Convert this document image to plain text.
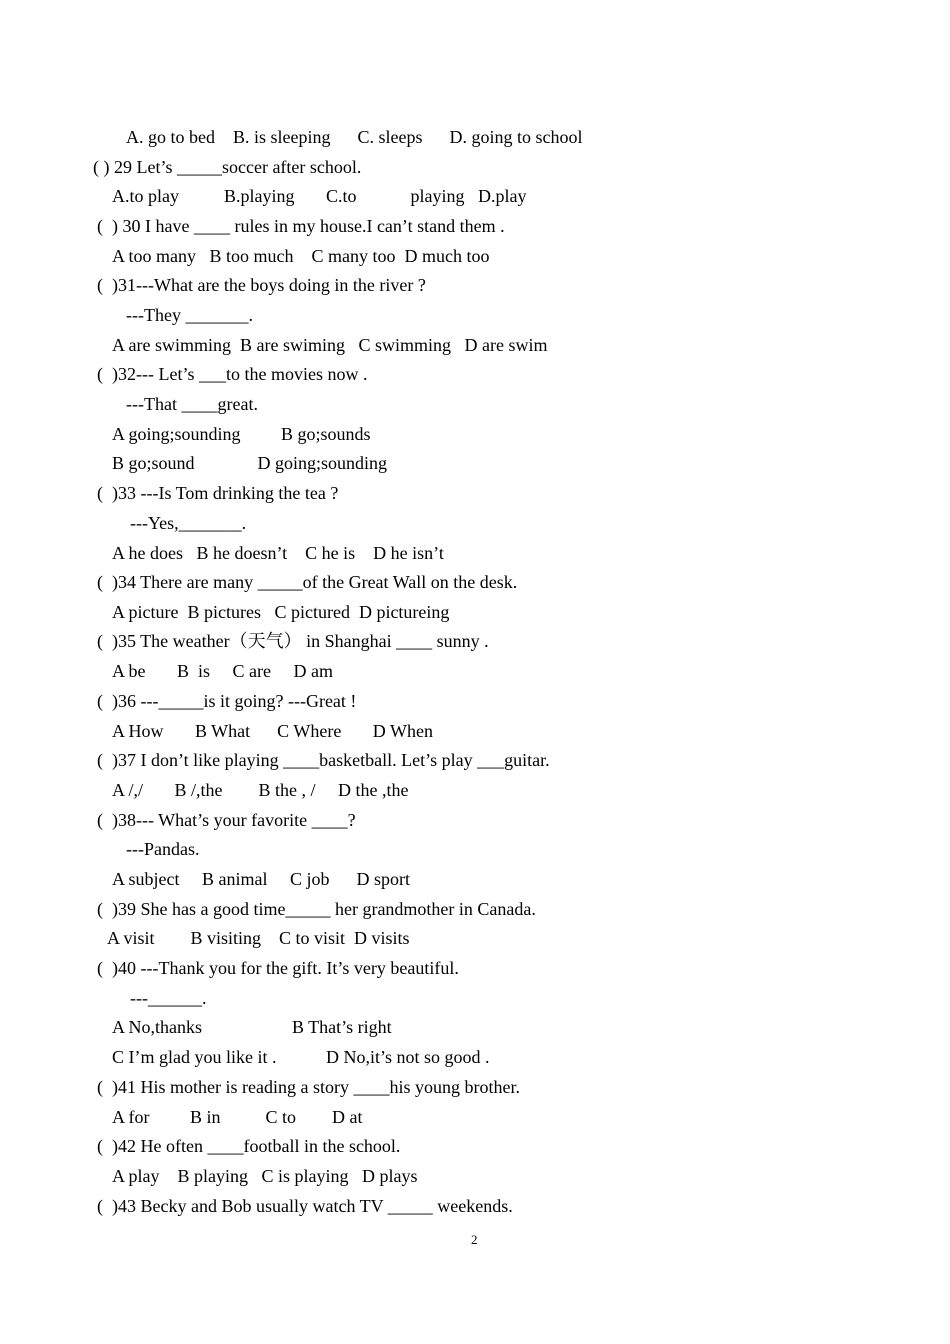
A. go to bed    B. is sleeping      C. sleeps      D. going to school
( ) 29 Let’s _____soccer after school.
A.to play          B.playing       C.to            playing   D.play
(  ) 30 I have ____ rules in my house.I can’t stand them .
A too many   B too much    C many too  D much too
(  )31---What are the boys doing in the river ?
---They _______.
A are swimming  B are swiming   C swimming   D are swim
(  )32--- Let’s ___to the movies now .
---That ____great.
A going;sounding         B go;sounds
B go;sound              D going;sounding
(  )33 ---Is Tom drinking the tea ?
---Yes,_______.
A he does   B he doesn’t    C he is    D he isn’t
(  )34 There are many _____of the Great Wall on the desk.
A picture  B pictures   C pictured  D pictureing
(  )35 The weather（天气） in Shanghai ____ sunny .
A be       B  is     C are     D am
(  )36 ---_____is it going? ---Great !
A How       B What      C Where       D When
(  )37 I don’t like playing ____basketball. Let’s play ___guitar.
A /,/       B /,the        B the , /     D the ,the
(  )38--- What’s your favorite ____?
---Pandas.
A subject     B animal     C job      D sport
(  )39 She has a good time_____ her grandmother in Canada.
A visit        B visiting    C to visit  D visits
(  )40 ---Thank you for the gift. It’s very beautiful.
---______.
A No,thanks                    B That’s right
C I’m glad you like it .           D No,it’s not so good .
(  )41 His mother is reading a story ____his young brother.
A for         B in          C to        D at
(  )42 He often ____football in the school.
A play    B playing   C is playing   D plays
(  )43 Becky and Bob usually watch TV _____ weekends.
2
